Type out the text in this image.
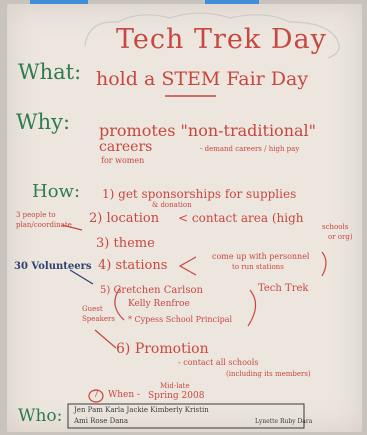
Tech Trek Day
What: hold a STEM Fair Day
Why: promotes "non-traditional"
careers	- demand careers / high pay
for women
How: 1) get sponsorships for supplies
& donation
2) location < contact area (high
schools
or org)
3) theme
4) stations
come up with personnel
to run stations
5) Gretchen Carlson	Tech Trek
Kelly Renfroe
* Cypess School Principal
6) Promotion
- contact all schools
(including its members)
Mid-late
7 When - Spring 2008
3 people to
plan/coordinate
30 Volunteers
Guest
Speakers
Who: Jen Pam Karla Jackie Kimberly Kristin
Ami Rose Dana	Lynette Ruby Dara
